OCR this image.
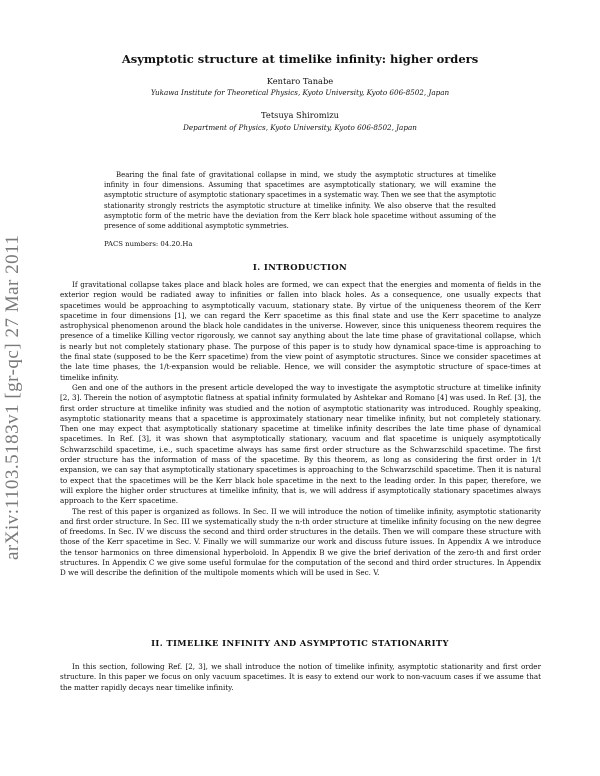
arXiv:1103.5183v1 [gr-qc] 27 Mar 2011
Asymptotic structure at timelike infinity: higher orders
Kentaro Tanabe
Yukawa Institute for Theoretical Physics, Kyoto University, Kyoto 606-8502, Japan
Tetsuya Shiromizu
Department of Physics, Kyoto University, Kyoto 606-8502, Japan

Bearing the final fate of gravitational collapse in mind, we study the asymptotic structures at timelike infinity in four dimensions. Assuming that spacetimes are asymptotically stationary, we will examine the asymptotic structure of asymptotic stationary spacetimes in a systematic way. Then we see that the asymptotic stationarity strongly restricts the asymptotic structure at timelike infinity. We also observe that the resulted asymptotic form of the metric have the deviation from the Kerr black hole spacetime without assuming of the presence of some additional asymptotic symmetries.

PACS numbers: 04.20.Ha
I. INTRODUCTION

If gravitational collapse takes place and black holes are formed, we can expect that the energies and momenta of fields in the exterior region would be radiated away to infinities or fallen into black holes. As a consequence, one usually expects that spacetimes would be approaching to asymptotically vacuum, stationary state. By virtue of the uniqueness theorem of the Kerr spacetime in four dimensions [1], we can regard the Kerr spacetime as this final state and use the Kerr spacetime to analyze astrophysical phenomenon around the black hole candidates in the universe. However, since this uniqueness theorem requires the presence of a timelike Killing vector rigorously, we cannot say anything about the late time phase of gravitational collapse, which is nearly but not completely stationary phase. The purpose of this paper is to study how dynamical space-time is approaching to the final state (supposed to be the Kerr spacetime) from the view point of asymptotic structures. Since we consider spacetimes at the late time phases, the 1/t-expansion would be reliable. Hence, we will consider the asymptotic structure of space-times at timelike infinity.

Gen and one of the authors in the present article developed the way to investigate the asymptotic structure at timelike infinity [2, 3]. Therein the notion of asymptotic flatness at spatial infinity formulated by Ashtekar and Romano [4] was used. In Ref. [3], the first order structure at timelike infinity was studied and the notion of asymptotic stationarity was introduced. Roughly speaking, asymptotic stationarity means that a spacetime is approximately stationary near timelike infinity, but not completely stationary. Then one may expect that asymptotically stationary spacetime at timelike infinity describes the late time phase of dynamical spacetimes. In Ref. [3], it was shown that asymptotically stationary, vacuum and flat spacetime is uniquely asymptotically Schwarzschild spacetime, i.e., such spacetime always has same first order structure as the Schwarzschild spacetime. The first order structure has the information of mass of the spacetime. By this theorem, as long as considering the first order in 1/t expansion, we can say that asymptotically stationary spacetimes is approaching to the Schwarzschild spacetime. Then it is natural to expect that the spacetimes will be the Kerr black hole spacetime in the next to the leading order. In this paper, therefore, we will explore the higher order structures at timelike infinity, that is, we will address if asymptotically stationary spacetimes always approach to the Kerr spacetime.

The rest of this paper is organized as follows. In Sec. II we will introduce the notion of timelike infinity, asymptotic stationarity and first order structure. In Sec. III we systematically study the n-th order structure at timelike infinity focusing on the new degree of freedoms. In Sec. IV we discuss the second and third order structures in the details. Then we will compare these structure with those of the Kerr spacetime in Sec. V. Finally we will summarize our work and discuss future issues. In Appendix A we introduce the tensor harmonics on three dimensional hyperboloid. In Appendix B we give the brief derivation of the zero-th and first order structures. In Appendix C we give some useful formulae for the computation of the second and third order structures. In Appendix D we will describe the definition of the multipole moments which will be used in Sec. V.

II. TIMELIKE INFINITY AND ASYMPTOTIC STATIONARITY

In this section, following Ref. [2, 3], we shall introduce the notion of timelike infinity, asymptotic stationarity and first order structure. In this paper we focus on only vacuum spacetimes. It is easy to extend our work to non-vacuum cases if we assume that the matter rapidly decays near timelike infinity.
